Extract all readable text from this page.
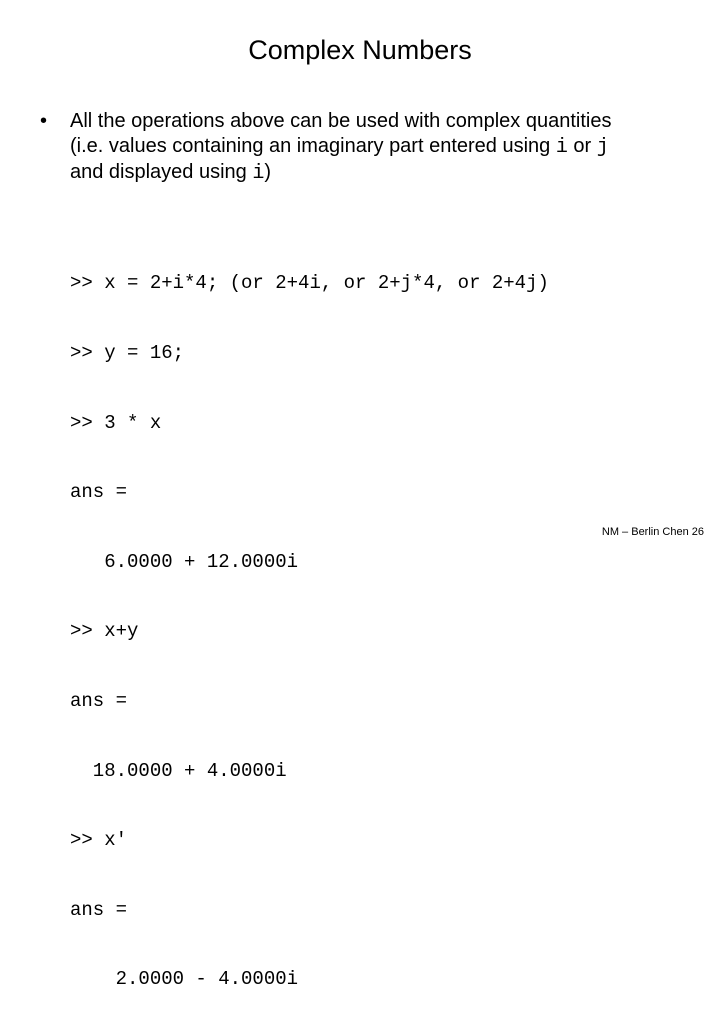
Complex Numbers
• All the operations above can be used with complex quantities (i.e. values containing an imaginary part entered using i or j and displayed using i)

>> x = 2+i*4; (or 2+4i, or 2+j*4, or 2+4j)

>> y = 16;

>> 3 * x

ans =

6.0000 + 12.0000i

>> x+y

ans =

18.0000 + 4.0000i

>> x'

ans =

2.0000 - 4.0000i

NM – Berlin Chen 26
